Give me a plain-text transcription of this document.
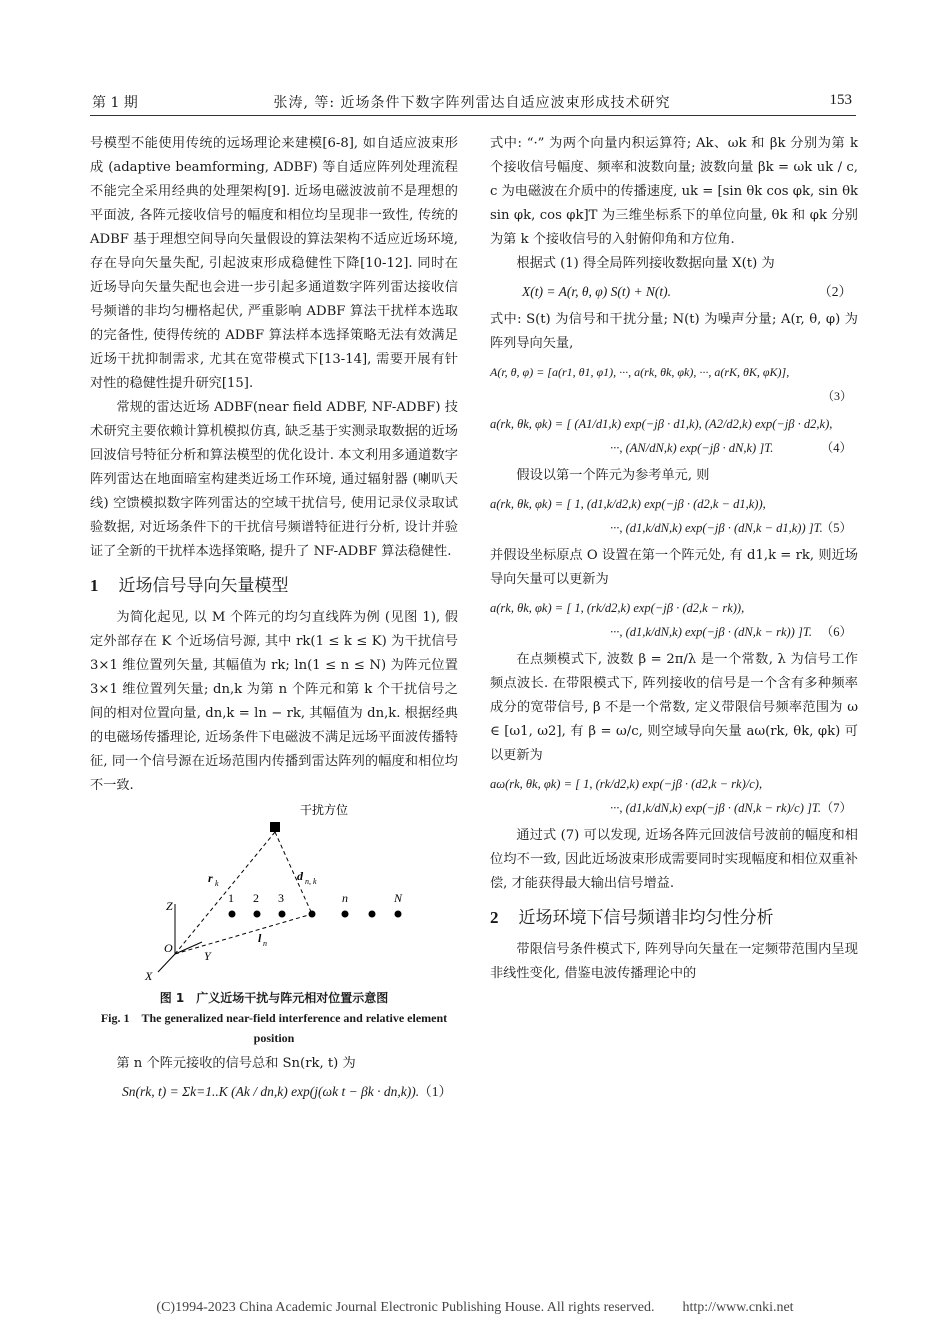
第 1 期	张涛, 等: 近场条件下数字阵列雷达自适应波束形成技术研究	153

号模型不能使用传统的远场理论来建模[6-8], 如自适应波束形成 (adaptive beamforming, ADBF) 等自适应阵列处理流程不能完全采用经典的处理架构[9]. 近场电磁波波前不是理想的平面波, 各阵元接收信号的幅度和相位均呈现非一致性, 传统的 ADBF 基于理想空间导向矢量假设的算法架构不适应近场环境, 存在导向矢量失配, 引起波束形成稳健性下降[10-12]. 同时在近场导向矢量失配也会进一步引起多通道数字阵列雷达接收信号频谱的非均匀栅格起伏, 严重影响 ADBF 算法干扰样本选取的完备性, 使得传统的 ADBF 算法样本选择策略无法有效满足近场干扰抑制需求, 尤其在宽带模式下[13-14], 需要开展有针对性的稳健性提升研究[15].

常规的雷达近场 ADBF(near field ADBF, NF-ADBF) 技术研究主要依赖计算机模拟仿真, 缺乏基于实测录取数据的近场回波信号特征分析和算法模型的优化设计. 本文利用多通道数字阵列雷达在地面暗室构建类近场工作环境, 通过辐射器 (喇叭天线) 空馈模拟数字阵列雷达的空域干扰信号, 使用记录仪录取试验数据, 对近场条件下的干扰信号频谱特征进行分析, 设计并验证了全新的干扰样本选择策略, 提升了 NF-ADBF 算法稳健性.

1 近场信号导向矢量模型

为简化起见, 以 M 个阵元的均匀直线阵为例 (见图 1), 假定外部存在 K 个近场信号源, 其中 rk(1 ≤ k ≤ K) 为干扰信号 3×1 维位置列矢量, 其幅值为 rk; ln(1 ≤ n ≤ N) 为阵元位置 3×1 维位置列矢量; dn,k 为第 n 个阵元和第 k 个干扰信号之间的相对位置向量, dn,k = ln − rk, 其幅值为 dn,k. 根据经典的电磁场传播理论, 近场条件下电磁波不满足远场平面波传播特征, 同一个信号源在近场范围内传播到雷达阵列的幅度和相位均不一致.

干扰方位
r k
d n, k
1 2 3	n	N
Z
O
Y
X
l n
图 1　广义近场干扰与阵元相对位置示意图
Fig. 1　The generalized near-field interference and relative element position

第 n 个阵元接收的信号总和 Sn(rk, t) 为

Sn(rk, t) = Σk=1..K (Ak / dn,k) exp(j(ωk t − βk · dn,k)). （1）

式中: “·” 为两个向量内积运算符; Ak、ωk 和 βk 分别为第 k 个接收信号幅度、频率和波数向量; 波数向量 βk = ωk uk / c, c 为电磁波在介质中的传播速度, uk = [sin θk cos φk, sin θk sin φk, cos φk]T 为三维坐标系下的单位向量, θk 和 φk 分别为第 k 个接收信号的入射俯仰角和方位角.

根据式 (1) 得全局阵列接收数据向量 X(t) 为

X(t) = A(r, θ, φ) S(t) + N(t).	（2）

式中: S(t) 为信号和干扰分量; N(t) 为噪声分量; A(r, θ, φ) 为阵列导向矢量,

A(r, θ, φ) = [a(r1, θ1, φ1), ···, a(rk, θk, φk), ···, a(rK, θK, φK)],
（3）
a(rk, θk, φk) = [ (A1/d1,k) exp(−jβ · d1,k), (A2/d2,k) exp(−jβ · d2,k),
···, (AN/dN,k) exp(−jβ · dN,k) ]T.	（4）

假设以第一个阵元为参考单元, 则

a(rk, θk, φk) = [ 1, (d1,k/d2,k) exp(−jβ · (d2,k − d1,k)),
···, (d1,k/dN,k) exp(−jβ · (dN,k − d1,k)) ]T.
（5）

并假设坐标原点 O 设置在第一个阵元处, 有 d1,k = rk, 则近场导向矢量可以更新为

a(rk, θk, φk) = [ 1, (rk/d2,k) exp(−jβ · (d2,k − rk)),
···, (d1,k/dN,k) exp(−jβ · (dN,k − rk)) ]T. （6）

在点频模式下, 波数 β = 2π/λ 是一个常数, λ 为信号工作频点波长. 在带限模式下, 阵列接收的信号是一个含有多种频率成分的宽带信号, β 不是一个常数, 定义带限信号频率范围为 ω ∈ [ω1, ω2], 有 β = ω/c, 则空域导向矢量 aω(rk, θk, φk) 可以更新为

aω(rk, θk, φk) = [ 1, (rk/d2,k) exp(−jβ · (d2,k − rk)/c),
···, (d1,k/dN,k) exp(−jβ · (dN,k − rk)/c) ]T. （7）

通过式 (7) 可以发现, 近场各阵元回波信号波前的幅度和相位均不一致, 因此近场波束形成需要同时实现幅度和相位双重补偿, 才能获得最大输出信号增益.

2 近场环境下信号频谱非均匀性分析

带限信号条件模式下, 阵列导向矢量在一定频带范围内呈现非线性变化, 借鉴电波传播理论中的

(C)1994-2023 China Academic Journal Electronic Publishing House. All rights reserved.　　http://www.cnki.net
